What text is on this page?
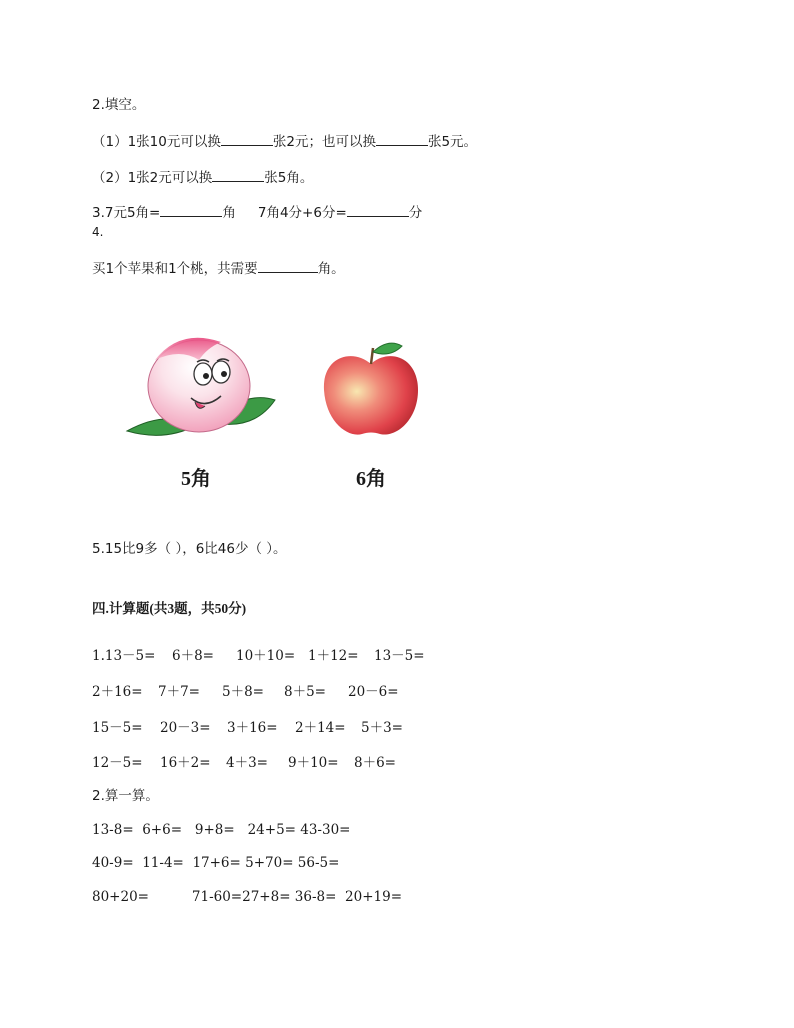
2.填空。
（1）1张10元可以换	张2元；也可以换	张5元。
（2）1张2元可以换	张5角。
3.7元5角=	角 7角4分+6分=	分
4.
买1个苹果和1个桃，共需要	角。
5角	6角
5.15比9多（ ），6比46少（ ）。
四.计算题(共3题，共50分)
1.13－5= 6＋8= 10＋10= 1＋12= 13－5=
2＋16= 7＋7= 5＋8= 8＋5= 20－6=
15－5= 20－3= 3＋16= 2＋14= 5＋3=
12－5= 16＋2= 4＋3= 9＋10= 8＋6=
2.算一算。
13-8=  6+6=   9+8=   24+5= 43-30=
40-9=  11-4=  17+6= 5+70= 56-5=
80+20=          71-60=27+8= 36-8=  20+19=
